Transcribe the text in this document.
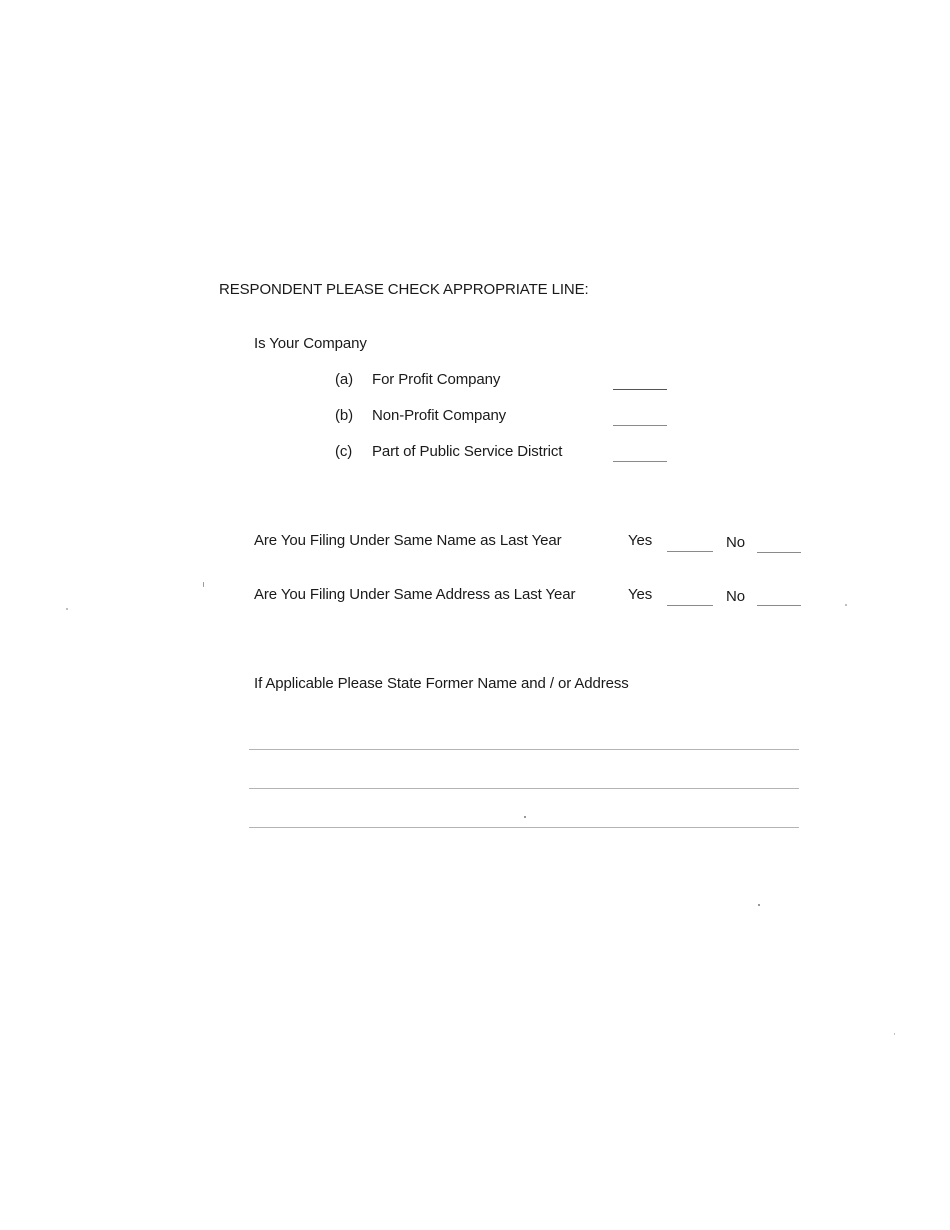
RESPONDENT PLEASE CHECK APPROPRIATE LINE:
Is Your Company
(a) For Profit Company
(b) Non-Profit Company
(c) Part of Public Service District
Are You Filing Under Same Name as Last Year	Yes	No
Are You Filing Under Same Address as Last Year	Yes	No
If Applicable Please State Former Name and / or Address
